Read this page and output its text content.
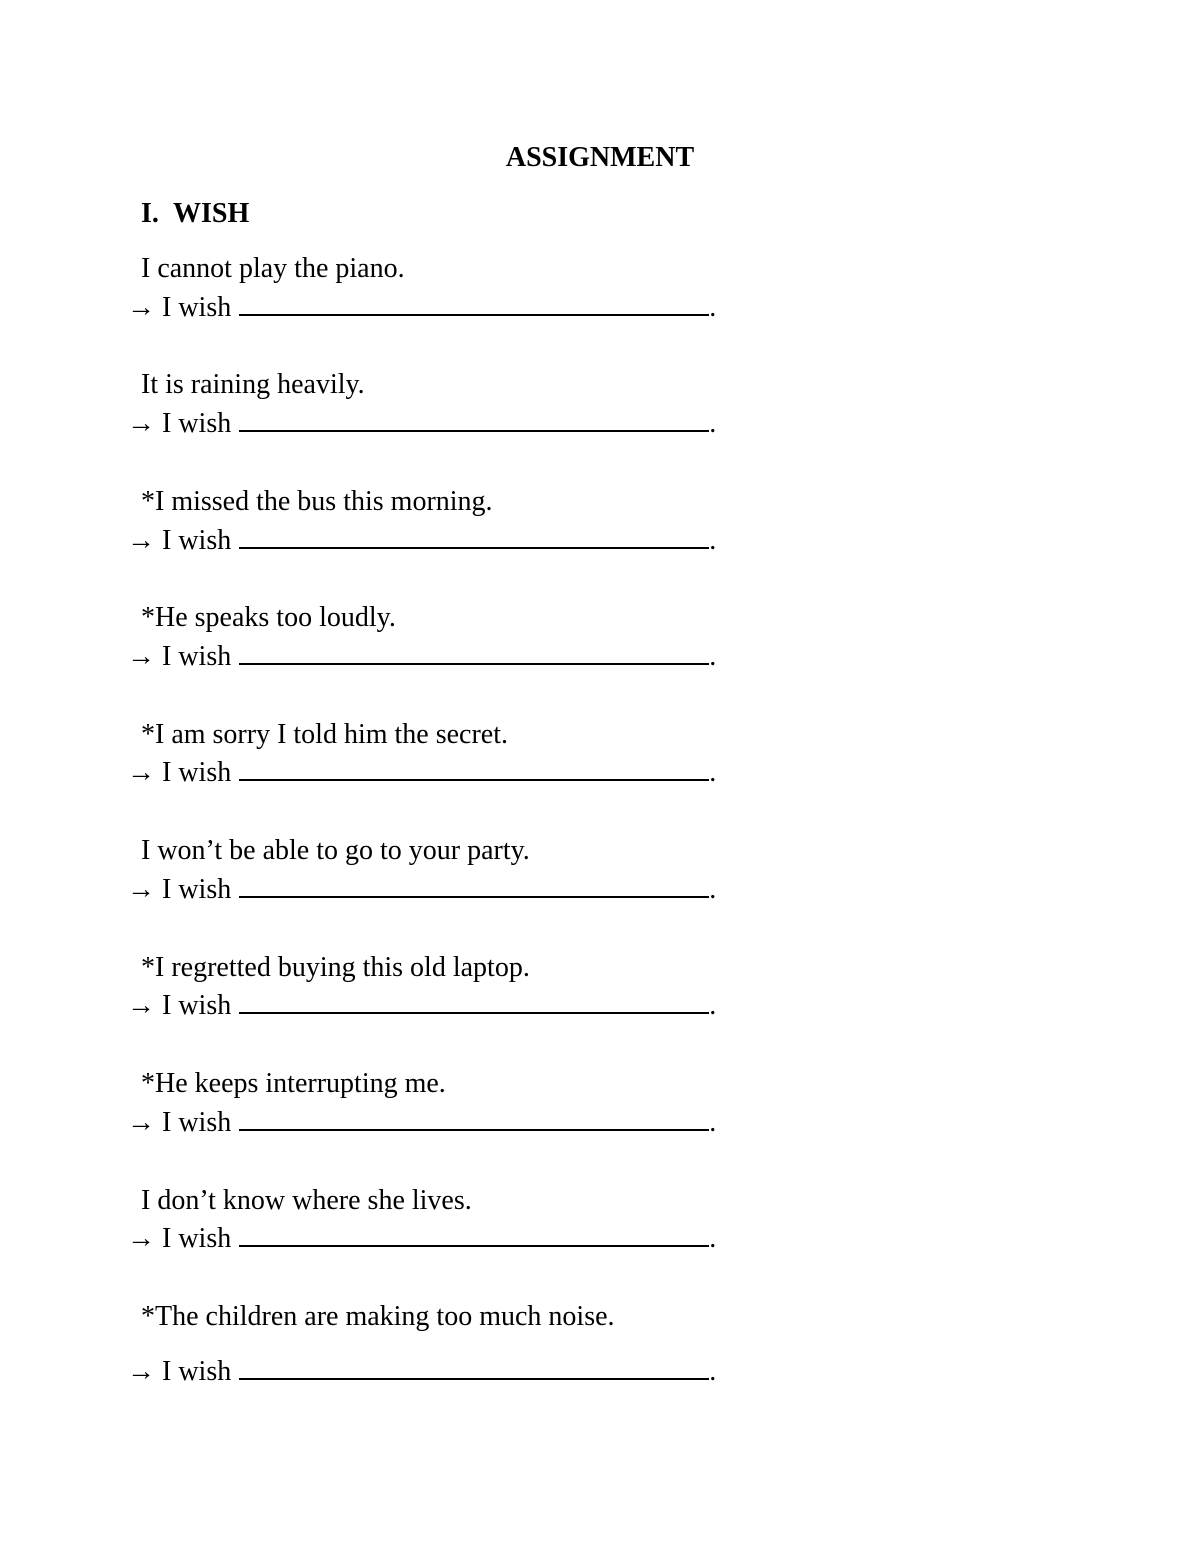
ASSIGNMENT
I. WISH
I cannot play the piano.
→ I wish	.
It is raining heavily.
→ I wish	.
*I missed the bus this morning.
→ I wish	.
*He speaks too loudly.
→ I wish	.
*I am sorry I told him the secret.
→ I wish	.
I won’t be able to go to your party.
→ I wish	.
*I regretted buying this old laptop.
→ I wish	.
*He keeps interrupting me.
→ I wish	.
I don’t know where she lives.
→ I wish	.
*The children are making too much noise.
→ I wish	.
